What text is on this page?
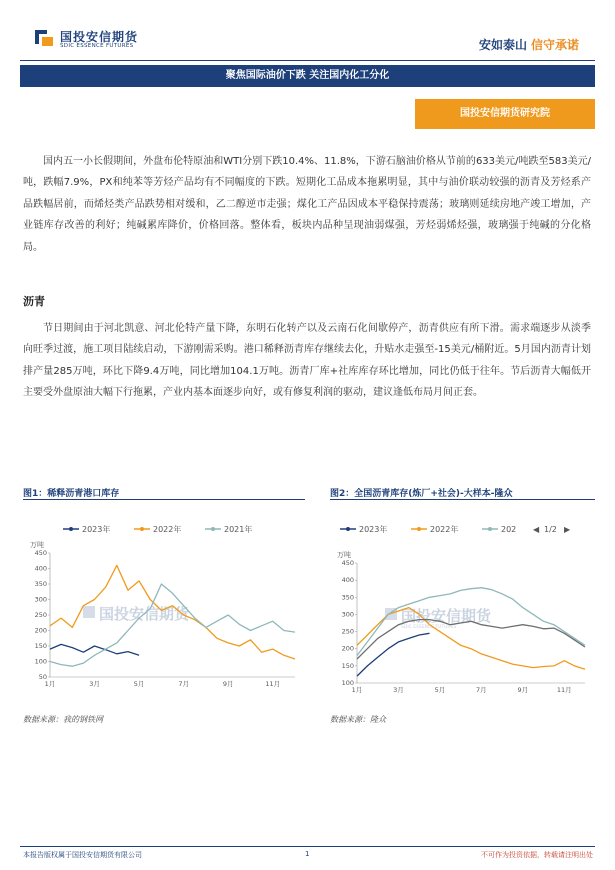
国投安信期货
SDIC ESSENCE FUTURES	安如泰山 信守承诺
聚焦国际油价下跌 关注国内化工分化
国投安信期货研究院
国内五一小长假期间，外盘布伦特原油和WTI分别下跌10.4%、11.8%，下游石脑油价格从节前的633美元/吨跌至583美元/吨，跌幅7.9%，PX和纯苯等芳烃产品均有不同幅度的下跌。短期化工品成本拖累明显，其中与油价联动较强的沥青及芳烃系产品跌幅居前，而烯烃类产品跌势相对缓和，乙二醇逆市走强；煤化工产品因成本平稳保持震荡；玻璃则延续房地产竣工增加，产业链库存改善的利好；纯碱累库降价，价格回落。整体看，板块内品种呈现油弱煤强，芳烃弱烯烃强，玻璃强于纯碱的分化格局。
沥青
节日期间由于河北凯意、河北伦特产量下降，东明石化转产以及云南石化间歇停产，沥青供应有所下滑。需求端逐步从淡季向旺季过渡，施工项目陆续启动，下游刚需采购。港口稀释沥青库存继续去化，升贴水走强至-15美元/桶附近。5月国内沥青计划排产量285万吨，环比下降9.4万吨，同比增加104.1万吨。沥青厂库+社库库存环比增加，同比仍低于往年。节后沥青大幅低开主要受外盘原油大幅下行拖累，产业内基本面逐步向好，或有修复利润的驱动，建议逢低布局月间正套。
图1：稀释沥青港口库存	图2：全国沥青库存(炼厂+社会)-大样本-隆众
2023年	2022年	2021年
万吨
50
100
150
200
250
300
350
400
450
1月	3月	5月	7月	9月	11月
国投安信期货
2023年	2022年	202 ◀ 1/2 ▶
万吨
100
150
200
250
300
350
400
450
1月	3月	5月	7月	9月	11月
国投安信期货
SDIC ESSENCE FUTURES
数据来源：我的钢铁网	数据来源：隆众
本报告版权属于国投安信期货有限公司	1	不可作为投资依据，转载请注明出处
